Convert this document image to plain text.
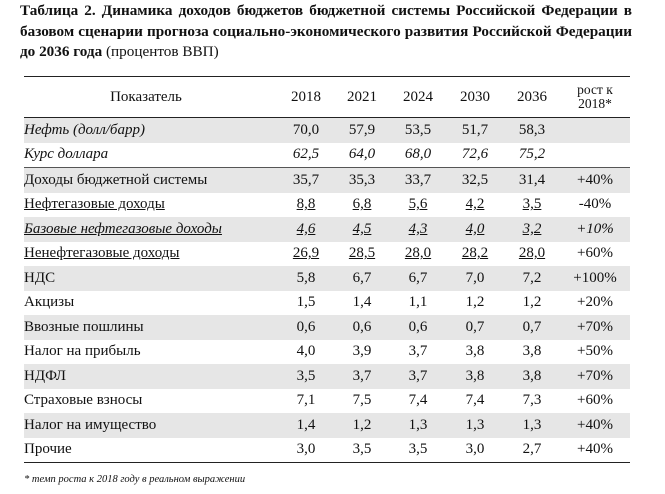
Таблица 2. Динамика доходов бюджетов бюджетной системы Российской Федерации в базовом сценарии прогноза социально-экономического развития Российской Федерации до 2036 года (процентов ВВП)
Показатель	2018	2021	2024	2030	2036	рост к 2018*
Нефть (долл/барр)	70,0	57,9	53,5	51,7	58,3	
Курс доллара	62,5	64,0	68,0	72,6	75,2	
Доходы бюджетной системы	35,7	35,3	33,7	32,5	31,4	+40%
Нефтегазовые доходы	8,8	6,8	5,6	4,2	3,5	-40%
Базовые нефтегазовые доходы	4,6	4,5	4,3	4,0	3,2	+10%
Ненефтегазовые доходы	26,9	28,5	28,0	28,2	28,0	+60%
НДС	5,8	6,7	6,7	7,0	7,2	+100%
Акцизы	1,5	1,4	1,1	1,2	1,2	+20%
Ввозные пошлины	0,6	0,6	0,6	0,7	0,7	+70%
Налог на прибыль	4,0	3,9	3,7	3,8	3,8	+50%
НДФЛ	3,5	3,7	3,7	3,8	3,8	+70%
Страховые взносы	7,1	7,5	7,4	7,4	7,3	+60%
Налог на имущество	1,4	1,2	1,3	1,3	1,3	+40%
Прочие	3,0	3,5	3,5	3,0	2,7	+40%
* темп роста к 2018 году в реальном выражении
